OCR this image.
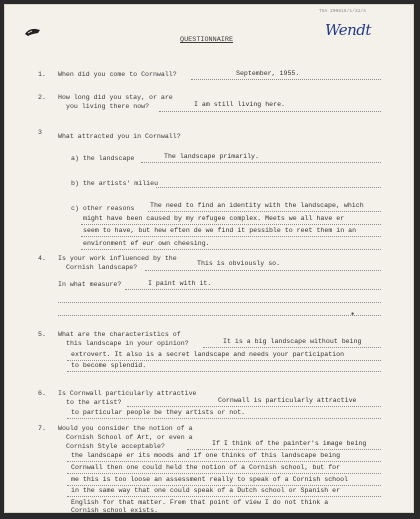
TGA 200816/1/31/4
Wendt
QUESTIONNAIRE
1. When did you come to Cornwall?	September, 1955.
2. How long did you stay, or are
you living there now?	I am still living here.
3
What attracted you in Cornwall?
a) the landscape	The landscape primarily.
b) the artists' milieu
c) other reasons The need to find an identity with the landscape, which
might have been caused by my refugee complex. Meets we all have er
seem to have, but hew eften de we find it pessible to reet them in an
environment ef eur own cheesing.
4. Is your work influenced by the
Cornish landscape?
This is obviously so.
In what measure?	I paint with it.
✱
5. What are the characteristics of
this landscape in your opinion?	It is a big landscape without being
extrovert. It also is a secret landscape and needs your participation
to become splendid.
6. Is Cornwall particularly attractive
to the artist?	Cornwall is particularly attractive
to particular people be they artists or not.
7. Would you consider the notion of a
Cornish School of Art, or even a
Cornish Style acceptable?	If I think of the painter's image being
the landscape er its moods and if one thinks of this landscape being
Cornwall then one could held the notion of a Cornish school, but for
me this is too loose an assessment really to speak of a Cornish school
in the same way that one could speak of a Dutch school or Spanish er
English for that matter. Frem that point of view I do not think a
Cornish school exists.
